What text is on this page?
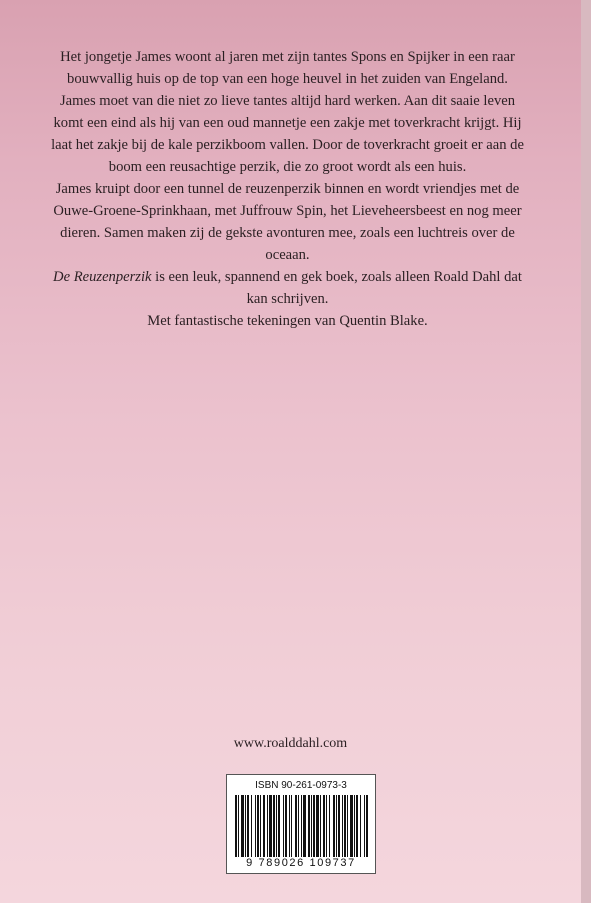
Het jongetje James woont al jaren met zijn tantes Spons en Spijker in een raar bouwvallig huis op de top van een hoge heuvel in het zuiden van Engeland. James moet van die niet zo lieve tantes altijd hard werken. Aan dit saaie leven komt een eind als hij van een oud mannetje een zakje met toverkracht krijgt. Hij laat het zakje bij de kale perzikboom vallen. Door de toverkracht groeit er aan de boom een reusachtige perzik, die zo groot wordt als een huis.

James kruipt door een tunnel de reuzenperzik binnen en wordt vriendjes met de Ouwe-Groene-Sprinkhaan, met Juffrouw Spin, het Lieveheersbeest en nog meer dieren. Samen maken zij de gekste avonturen mee, zoals een luchtreis over de oceaan.

De Reuzenperzik is een leuk, spannend en gek boek, zoals alleen Roald Dahl dat kan schrijven.

Met fantastische tekeningen van Quentin Blake.

www.roalddahl.com
ISBN 90-261-0973-3
9 789026 109737
